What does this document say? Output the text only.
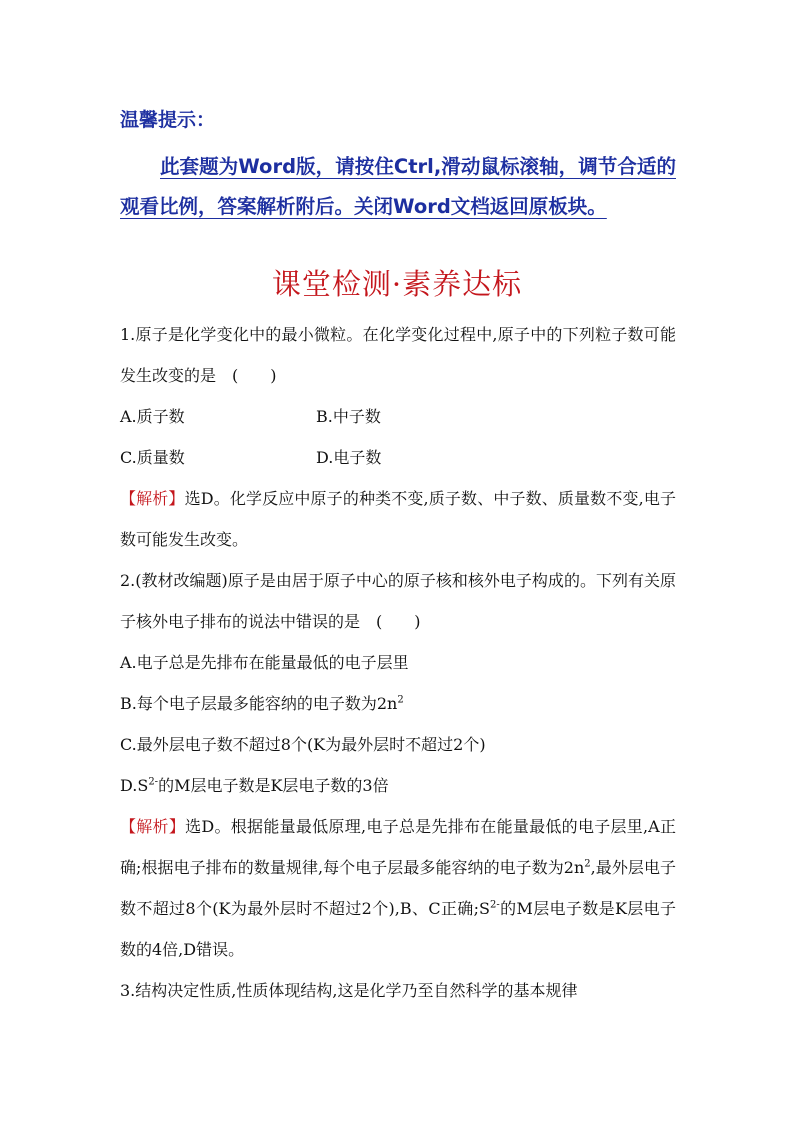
温馨提示：
此套题为Word版，请按住Ctrl,滑动鼠标滚轴，调节合适的观看比例，答案解析附后。关闭Word文档返回原板块。
课堂检测·素养达标

1.原子是化学变化中的最小微粒。在化学变化过程中,原子中的下列粒子数可能发生改变的是　(　　)

A.质子数	B.中子数
C.质量数	D.电子数

【解析】选D。化学反应中原子的种类不变,质子数、中子数、质量数不变,电子数可能发生改变。

2.(教材改编题)原子是由居于原子中心的原子核和核外电子构成的。下列有关原子核外电子排布的说法中错误的是　(　　)

A.电子总是先排布在能量最低的电子层里
B.每个电子层最多能容纳的电子数为$2n^2$
C.最外层电子数不超过8个(K为最外层时不超过2个)
$D.S^{2-}$的M层电子数是K层电子数的3倍

【解析】选D。根据能量最低原理,电子总是先排布在能量最低的电子层里,A正确;根据电子排布的数量规律,每个电子层最多能容纳的电子数为$2n^2$,最外层电子数不超过8个(K为最外层时不超过2个),B、C正确$;S^{2-}$的M层电子数是K层电子数的4倍,D错误。

3.结构决定性质,性质体现结构,这是化学乃至自然科学的基本规律
